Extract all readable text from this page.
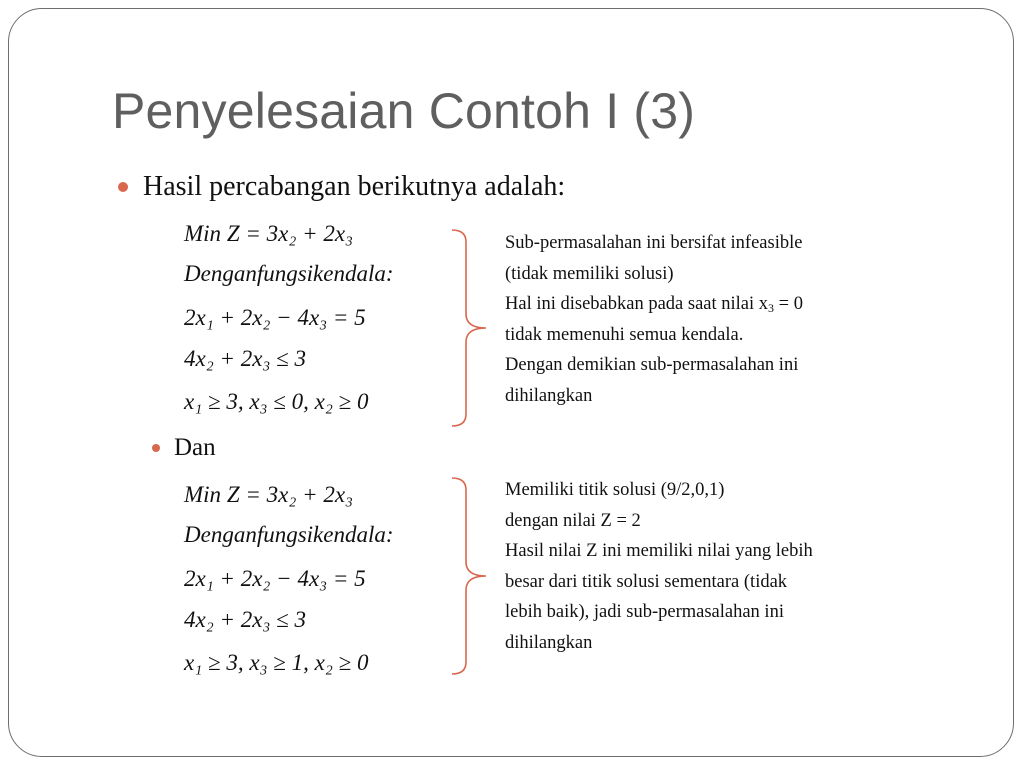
Penyelesaian Contoh I (3)
Hasil percabangan berikutnya adalah:
Min Z = 3x₂ + 2x₃
Denganfungsikendala:
2x₁ + 2x₂ − 4x₃ = 5
4x₂ + 2x₃ ≤ 3
x₁ ≥ 3, x₃ ≤ 0, x₂ ≥ 0
Sub-permasalahan ini bersifat infeasible
(tidak memiliki solusi)
Hal ini disebabkan pada saat nilai $x_3 = 0$
tidak memenuhi semua kendala.
Dengan demikian sub-permasalahan ini
dihilangkan
Dan
Min Z = 3x₂ + 2x₃
Denganfungsikendala:
2x₁ + 2x₂ − 4x₃ = 5
4x₂ + 2x₃ ≤ 3
x₁ ≥ 3, x₃ ≥ 1, x₂ ≥ 0
Memiliki titik solusi (9/2,0,1)
dengan nilai Z = 2
Hasil nilai Z ini memiliki nilai yang lebih
besar dari titik solusi sementara (tidak
lebih baik), jadi sub-permasalahan ini
dihilangkan
